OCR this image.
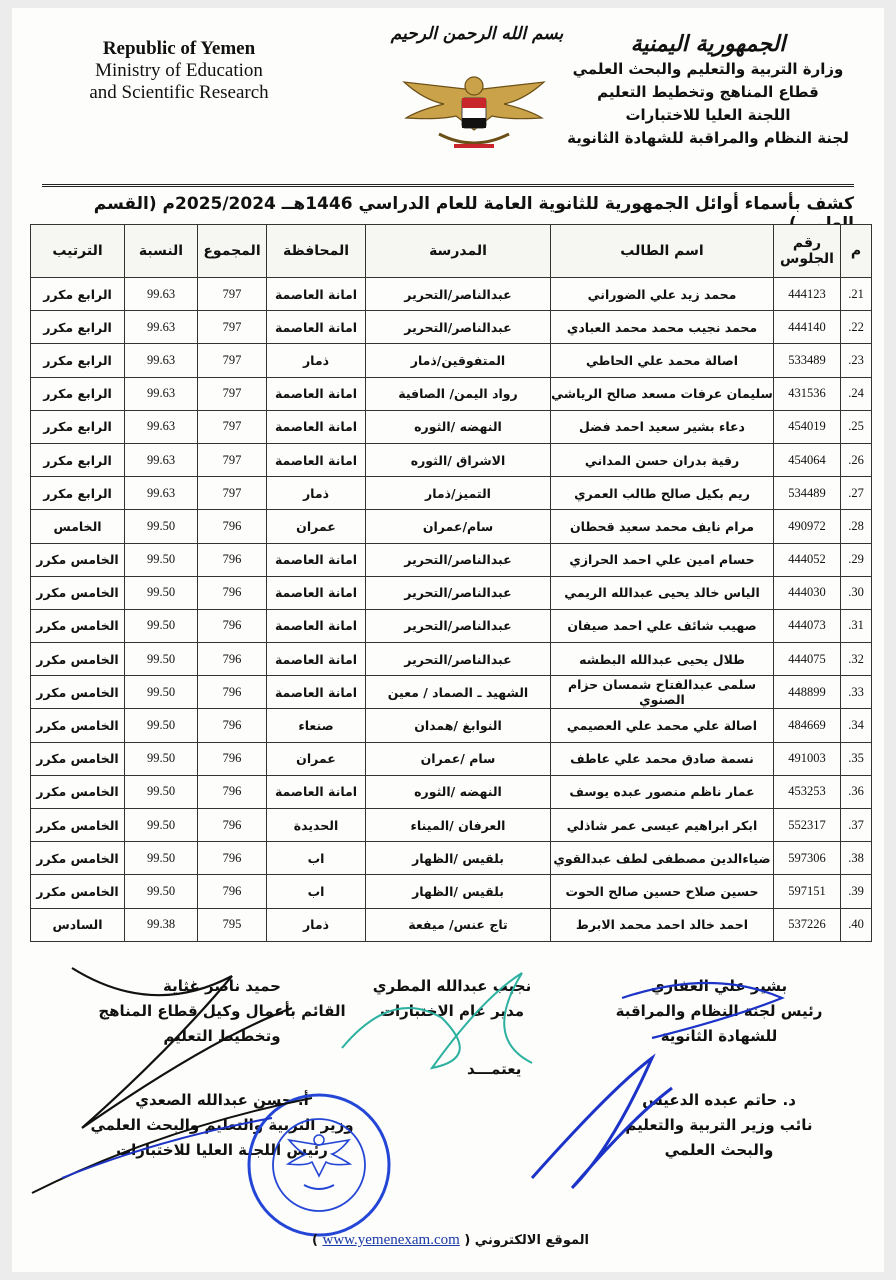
Republic of Yemen
Ministry of Education
and Scientific Research
بسم الله الرحمن الرحيم	الجمهورية اليمنية
وزارة التربية والتعليم والبحث العلمي
قطاع المناهج وتخطيط التعليم
اللجنة العليا للاختبارات
لجنة النظام والمراقبة للشهادة الثانوية
كشف بأسماء أوائل الجمهورية للثانوية العامة للعام الدراسي 1446هــ 2025/2024م (القسم
م	رقم الجلوس	اسم الطالب	المدرسة	المحافظة	المجموع	النسبة	الترتيب
.21	444123	محمد زيد علي الضوراني	عبدالناصر/التحرير	امانة العاصمة	797	99.63	الرابع مكرر
.22	444140	محمد نجيب محمد محمد العبادي	عبدالناصر/التحرير	امانة العاصمة	797	99.63	الرابع مكرر
.23	533489	اصالة محمد علي الحاطي	المتفوقين/ذمار	ذمار	797	99.63	الرابع مكرر
.24	431536	سليمان عرفات مسعد صالح الرياشي	رواد اليمن/ الصافية	امانة العاصمة	797	99.63	الرابع مكرر
.25	454019	دعاء بشير سعيد احمد فضل	النهضه /الثوره	امانة العاصمة	797	99.63	الرابع مكرر
.26	454064	رقية بدران حسن المداني	الاشراق /الثوره	امانة العاصمة	797	99.63	الرابع مكرر
.27	534489	ريم بكيل صالح طالب العمري	التميز/ذمار	ذمار	797	99.63	الرابع مكرر
.28	490972	مرام نايف محمد سعيد قحطان	سام/عمران	عمران	796	99.50	الخامس
.29	444052	حسام امين علي احمد الحرازي	عبدالناصر/التحرير	امانة العاصمة	796	99.50	الخامس مكرر
.30	444030	الياس خالد يحيى عبدالله الريمي	عبدالناصر/التحرير	امانة العاصمة	796	99.50	الخامس مكرر
.31	444073	صهيب شائف علي احمد صيفان	عبدالناصر/التحرير	امانة العاصمة	796	99.50	الخامس مكرر
.32	444075	طلال يحيى عبدالله البطشه	عبدالناصر/التحرير	امانة العاصمة	796	99.50	الخامس مكرر
.33	448899	سلمى عبدالفتاح شمسان حزام الصنوي	الشهيد ـ الصماد / معين	امانة العاصمة	796	99.50	الخامس مكرر
.34	484669	اصالة علي محمد علي العصيمي	النوابغ /همدان	صنعاء	796	99.50	الخامس مكرر
.35	491003	نسمة صادق محمد علي عاطف	سام /عمران	عمران	796	99.50	الخامس مكرر
.36	453253	عمار ناظم منصور عبده يوسف	النهضه /الثوره	امانة العاصمة	796	99.50	الخامس مكرر
.37	552317	ابكر ابراهيم عيسى عمر شاذلي	العرفان /الميناء	الحديدة	796	99.50	الخامس مكرر
.38	597306	ضياءالدين مصطفى لطف عبدالقوي	بلقيس /الظهار	اب	796	99.50	الخامس مكرر
.39	597151	حسين صلاح حسين صالح الحوت	بلقيس /الظهار	اب	796	99.50	الخامس مكرر
.40	537226	احمد خالد احمد محمد الابرط	تاج عنس/ ميفعة	ذمار	795	99.38	السادس
بشير علي الغفاري
رئيس لجنة النظام والمراقبة
للشهادة الثانوية
نجيب عبدالله المطري
مدير عام الاختبارات
يعتمـــد
حميد ناصر غثاية
القائم بأعمال وكيل قطاع المناهج
وتخطيط التعليم
أ. حسن عبدالله الصعدي
وزير التربية والتعليم والبحث العلمي
رئيس اللجنة العليا للاختبارات
د. حاتم عبده الدعيس
نائب وزير التربية والتعليم
والبحث العلمي
الموقع الالكتروني ( www.yemenexam.com )
